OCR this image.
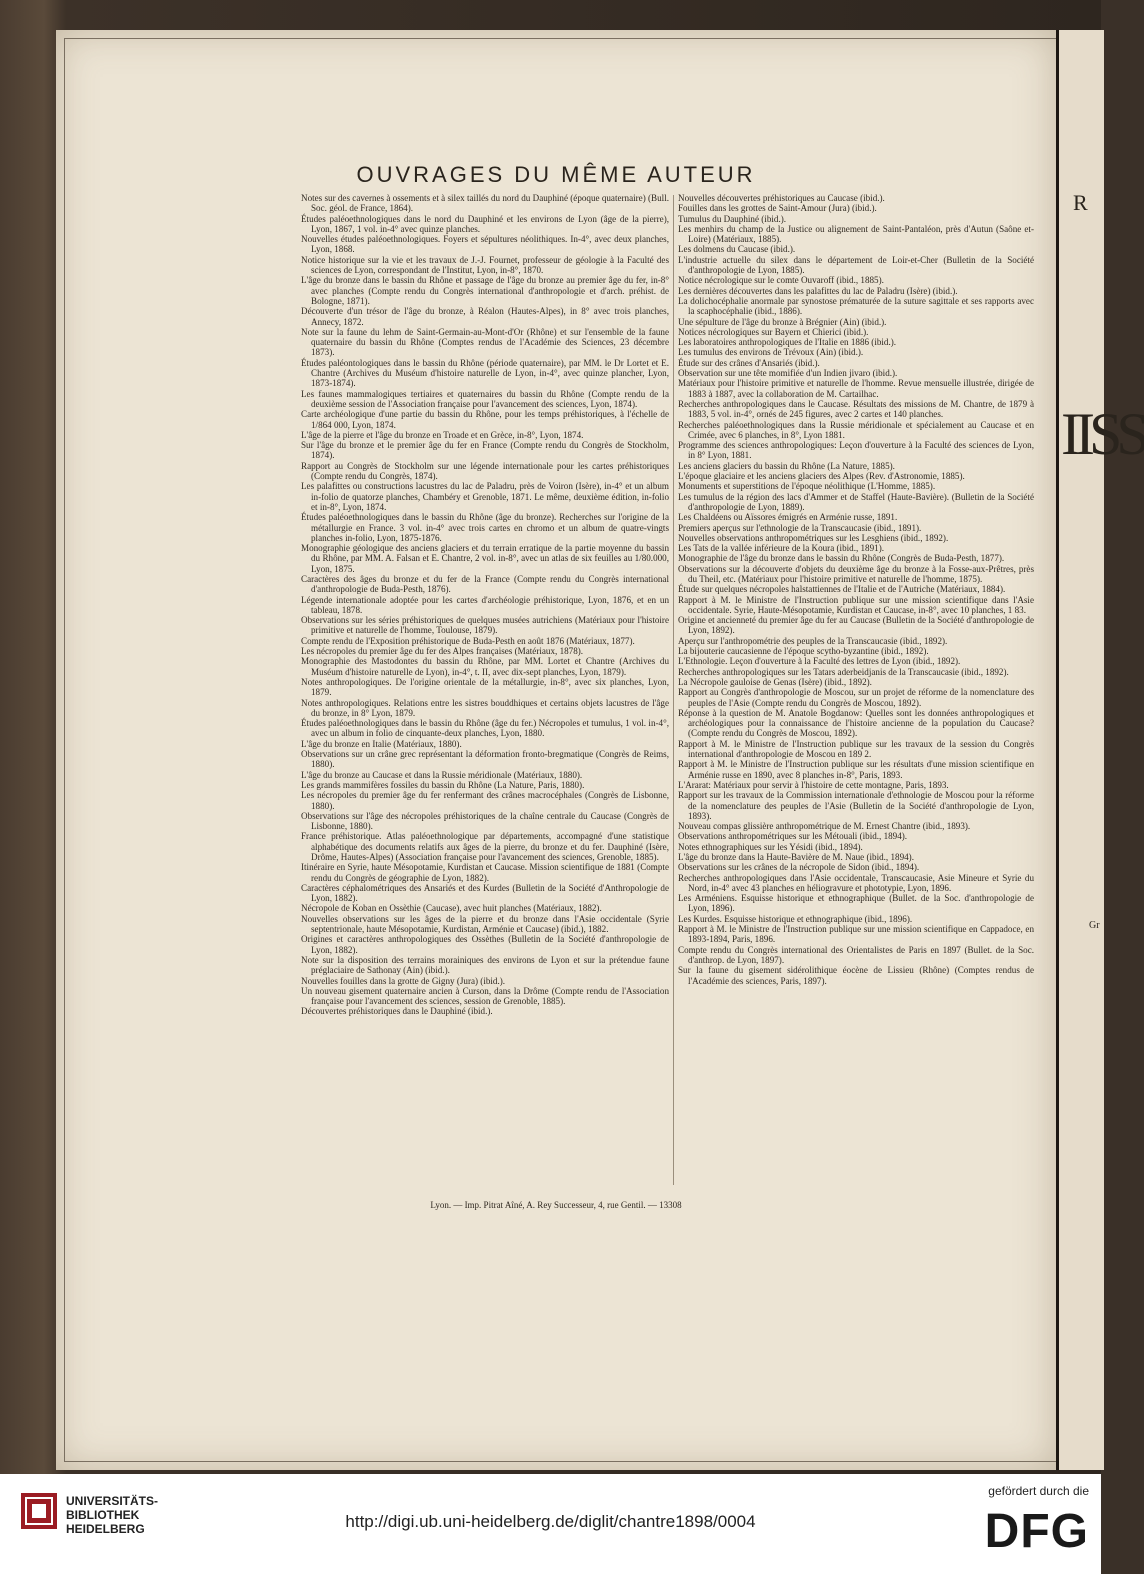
OUVRAGES DU MÊME AUTEUR

Notes sur des cavernes à ossements et à silex taillés du nord du Dauphiné (époque quaternaire) (Bull. Soc. géol. de France, 1864).

Études paléoethnologiques dans le nord du Dauphiné et les environs de Lyon (âge de la pierre), Lyon, 1867, 1 vol. in-4° avec quinze planches.

Nouvelles études paléoethnologiques. Foyers et sépultures néolithiques. In-4°, avec deux planches, Lyon, 1868.

Notice historique sur la vie et les travaux de J.-J. Fournet, professeur de géologie à la Faculté des sciences de Lyon, correspondant de l'Institut, Lyon, in-8°, 1870.

L'âge du bronze dans le bassin du Rhône et passage de l'âge du bronze au premier âge du fer, in-8° avec planches (Compte rendu du Congrès international d'anthropologie et d'arch. préhist. de Bologne, 1871).

Découverte d'un trésor de l'âge du bronze, à Réalon (Hautes-Alpes), in 8° avec trois planches, Annecy, 1872.

Note sur la faune du lehm de Saint-Germain-au-Mont-d'Or (Rhône) et sur l'ensemble de la faune quaternaire du bassin du Rhône (Comptes rendus de l'Académie des Sciences, 23 décembre 1873).

Études paléontologiques dans le bassin du Rhône (période quaternaire), par MM. le Dr Lortet et E. Chantre (Archives du Muséum d'histoire naturelle de Lyon, in-4°, avec quinze plancher, Lyon, 1873-1874).

Les faunes mammalogiques tertiaires et quaternaires du bassin du Rhône (Compte rendu de la deuxième session de l'Association française pour l'avancement des sciences, Lyon, 1874).

Carte archéologique d'une partie du bassin du Rhône, pour les temps préhistoriques, à l'échelle de 1/864 000, Lyon, 1874.

L'âge de la pierre et l'âge du bronze en Troade et en Grèce, in-8°, Lyon, 1874.

Sur l'âge du bronze et le premier âge du fer en France (Compte rendu du Congrès de Stockholm, 1874).

Rapport au Congrès de Stockholm sur une légende internationale pour les cartes préhistoriques (Compte rendu du Congrès, 1874).

Les palafittes ou constructions lacustres du lac de Paladru, près de Voiron (Isère), in-4° et un album in-folio de quatorze planches, Chambéry et Grenoble, 1871. Le même, deuxième édition, in-folio et in-8°, Lyon, 1874.

Études paléoethnologiques dans le bassin du Rhône (âge du bronze). Recherches sur l'origine de la métallurgie en France. 3 vol. in-4° avec trois cartes en chromo et un album de quatre-vingts planches in-folio, Lyon, 1875-1876.

Monographie géologique des anciens glaciers et du terrain erratique de la partie moyenne du bassin du Rhône, par MM. A. Falsan et E. Chantre, 2 vol. in-8°, avec un atlas de six feuilles au 1/80.000, Lyon, 1875.

Caractères des âges du bronze et du fer de la France (Compte rendu du Congrès international d'anthropologie de Buda-Pesth, 1876).

Légende internationale adoptée pour les cartes d'archéologie préhistorique, Lyon, 1876, et en un tableau, 1878.

Observations sur les séries préhistoriques de quelques musées autrichiens (Matériaux pour l'histoire primitive et naturelle de l'homme, Toulouse, 1879).

Compte rendu de l'Exposition préhistorique de Buda-Pesth en août 1876 (Matériaux, 1877).

Les nécropoles du premier âge du fer des Alpes françaises (Matériaux, 1878).

Monographie des Mastodontes du bassin du Rhône, par MM. Lortet et Chantre (Archives du Muséum d'histoire naturelle de Lyon), in-4°, t. II, avec dix-sept planches, Lyon, 1879).

Notes anthropologiques. De l'origine orientale de la métallurgie, in-8°, avec six planches, Lyon, 1879.

Notes anthropologiques. Relations entre les sistres bouddhiques et certains objets lacustres de l'âge du bronze, in 8° Lyon, 1879.

Études paléoethnologiques dans le bassin du Rhône (âge du fer.) Nécropoles et tumulus, 1 vol. in-4°, avec un album in folio de cinquante-deux planches, Lyon, 1880.

L'âge du bronze en Italie (Matériaux, 1880).

Observations sur un crâne grec représentant la déformation fronto-bregmatique (Congrès de Reims, 1880).

L'âge du bronze au Caucase et dans la Russie méridionale (Matériaux, 1880).

Les grands mammifères fossiles du bassin du Rhône (La Nature, Paris, 1880).

Les nécropoles du premier âge du fer renfermant des crânes macrocéphales (Congrès de Lisbonne, 1880).

Observations sur l'âge des nécropoles préhistoriques de la chaîne centrale du Caucase (Congrès de Lisbonne, 1880).

France préhistorique. Atlas paléoethnologique par départements, accompagné d'une statistique alphabétique des documents relatifs aux âges de la pierre, du bronze et du fer. Dauphiné (Isère, Drôme, Hautes-Alpes) (Association française pour l'avancement des sciences, Grenoble, 1885).

Itinéraire en Syrie, haute Mésopotamie, Kurdistan et Caucase. Mission scientifique de 1881 (Compte rendu du Congrès de géographie de Lyon, 1882).

Caractères céphalométriques des Ansariés et des Kurdes (Bulletin de la Société d'Anthropologie de Lyon, 1882).

Nécropole de Koban en Ossèthie (Caucase), avec huit planches (Matériaux, 1882).

Nouvelles observations sur les âges de la pierre et du bronze dans l'Asie occidentale (Syrie septentrionale, haute Mésopotamie, Kurdistan, Arménie et Caucase) (ibid.), 1882.

Origines et caractères anthropologiques des Ossèthes (Bulletin de la Société d'anthropologie de Lyon, 1882).

Note sur la disposition des terrains morainiques des environs de Lyon et sur la prétendue faune préglaciaire de Sathonay (Ain) (ibid.).

Nouvelles fouilles dans la grotte de Gigny (Jura) (ibid.).

Un nouveau gisement quaternaire ancien à Curson, dans la Drôme (Compte rendu de l'Association française pour l'avancement des sciences, session de Grenoble, 1885).

Découvertes préhistoriques dans le Dauphiné (ibid.).

Nouvelles découvertes préhistoriques au Caucase (ibid.).

Fouilles dans les grottes de Saint-Amour (Jura) (ibid.).

Tumulus du Dauphiné (ibid.).

Les menhirs du champ de la Justice ou alignement de Saint-Pantaléon, près d'Autun (Saône et-Loire) (Matériaux, 1885).

Les dolmens du Caucase (ibid.).

L'industrie actuelle du silex dans le département de Loir-et-Cher (Bulletin de la Société d'anthropologie de Lyon, 1885).

Notice nécrologique sur le comte Ouvaroff (ibid., 1885).

Les dernières découvertes dans les palafittes du lac de Paladru (Isère) (ibid.).

La dolichocéphalie anormale par synostose prématurée de la suture sagittale et ses rapports avec la scaphocéphalie (ibid., 1886).

Une sépulture de l'âge du bronze à Brégnier (Ain) (ibid.).

Notices nécrologiques sur Bayern et Chierici (ibid.).

Les laboratoires anthropologiques de l'Italie en 1886 (ibid.).

Les tumulus des environs de Trévoux (Ain) (ibid.).

Étude sur des crânes d'Ansariés (ibid.).

Observation sur une tête momifiée d'un Indien jivaro (ibid.).

Matériaux pour l'histoire primitive et naturelle de l'homme. Revue mensuelle illustrée, dirigée de 1883 à 1887, avec la collaboration de M. Cartailhac.

Recherches anthropologiques dans le Caucase. Résultats des missions de M. Chantre, de 1879 à 1883, 5 vol. in-4°, ornés de 245 figures, avec 2 cartes et 140 planches.

Recherches paléoethnologiques dans la Russie méridionale et spécialement au Caucase et en Crimée, avec 6 planches, in 8°, Lyon 1881.

Programme des sciences anthropologiques: Leçon d'ouverture à la Faculté des sciences de Lyon, in 8° Lyon, 1881.

Les anciens glaciers du bassin du Rhône (La Nature, 1885).

L'époque glaciaire et les anciens glaciers des Alpes (Rev. d'Astronomie, 1885).

Monuments et superstitions de l'époque néolithique (L'Homme, 1885).

Les tumulus de la région des lacs d'Ammer et de Staffel (Haute-Bavière). (Bulletin de la Société d'anthropologie de Lyon, 1889).

Les Chaldéens ou Aïssores émigrés en Arménie russe, 1891.

Premiers aperçus sur l'ethnologie de la Transcaucasie (ibid., 1891).

Nouvelles observations anthropométriques sur les Lesghiens (ibid., 1892).

Les Tats de la vallée inférieure de la Koura (ibid., 1891).

Monographie de l'âge du bronze dans le bassin du Rhône (Congrès de Buda-Pesth, 1877).

Observations sur la découverte d'objets du deuxième âge du bronze à la Fosse-aux-Prêtres, près du Theil, etc. (Matériaux pour l'histoire primitive et naturelle de l'homme, 1875).

Étude sur quelques nécropoles halstattiennes de l'Italie et de l'Autriche (Matériaux, 1884).

Rapport à M. le Ministre de l'Instruction publique sur une mission scientifique dans l'Asie occidentale. Syrie, Haute-Mésopotamie, Kurdistan et Caucase, in-8°, avec 10 planches, 1 83.

Origine et ancienneté du premier âge du fer au Caucase (Bulletin de la Société d'anthropologie de Lyon, 1892).

Aperçu sur l'anthropométrie des peuples de la Transcaucasie (ibid., 1892).

La bijouterie caucasienne de l'époque scytho-byzantine (ibid., 1892).

L'Ethnologie. Leçon d'ouverture à la Faculté des lettres de Lyon (ibid., 1892).

Recherches anthropologiques sur les Tatars aderbeidjanis de la Transcaucasie (ibid., 1892).

La Nécropole gauloise de Genas (Isère) (ibid., 1892).

Rapport au Congrès d'anthropologie de Moscou, sur un projet de réforme de la nomenclature des peuples de l'Asie (Compte rendu du Congrès de Moscou, 1892).

Réponse à la question de M. Anatole Bogdanow: Quelles sont les données anthropologiques et archéologiques pour la connaissance de l'histoire ancienne de la population du Caucase? (Compte rendu du Congrès de Moscou, 1892).

Rapport à M. le Ministre de l'Instruction publique sur les travaux de la session du Congrès international d'anthropologie de Moscou en 189 2.

Rapport à M. le Ministre de l'Instruction publique sur les résultats d'une mission scientifique en Arménie russe en 1890, avec 8 planches in-8°, Paris, 1893.

L'Ararat: Matériaux pour servir à l'histoire de cette montagne, Paris, 1893.

Rapport sur les travaux de la Commission internationale d'ethnologie de Moscou pour la réforme de la nomenclature des peuples de l'Asie (Bulletin de la Société d'anthropologie de Lyon, 1893).

Nouveau compas glissière anthropométrique de M. Ernest Chantre (ibid., 1893).

Observations anthropométriques sur les Métouali (ibid., 1894).

Notes ethnographiques sur les Yésidi (ibid., 1894).

L'âge du bronze dans la Haute-Bavière de M. Naue (ibid., 1894).

Observations sur les crânes de la nécropole de Sidon (ibid., 1894).

Recherches anthropologiques dans l'Asie occidentale, Transcaucasie, Asie Mineure et Syrie du Nord, in-4° avec 43 planches en héliogravure et phototypie, Lyon, 1896.

Les Arméniens. Esquisse historique et ethnographique (Bullet. de la Soc. d'anthropologie de Lyon, 1896).

Les Kurdes. Esquisse historique et ethnographique (ibid., 1896).

Rapport à M. le Ministre de l'Instruction publique sur une mission scientifique en Cappadoce, en 1893-1894, Paris, 1896.

Compte rendu du Congrès international des Orientalistes de Paris en 1897 (Bullet. de la Soc. d'anthrop. de Lyon, 1897).

Sur la faune du gisement sidérolithique éocène de Lissieu (Rhône) (Comptes rendus de l'Académie des sciences, Paris, 1897).

Lyon. — Imp. Pitrat Aîné, A. Rey Successeur, 4, rue Gentil. — 13308
R
IISS
Gr
UNIVERSITÄTS-
BIBLIOTHEK
HEIDELBERG	http://digi.ub.uni-heidelberg.de/diglit/chantre1898/0004
gefördert durch die
DFG
